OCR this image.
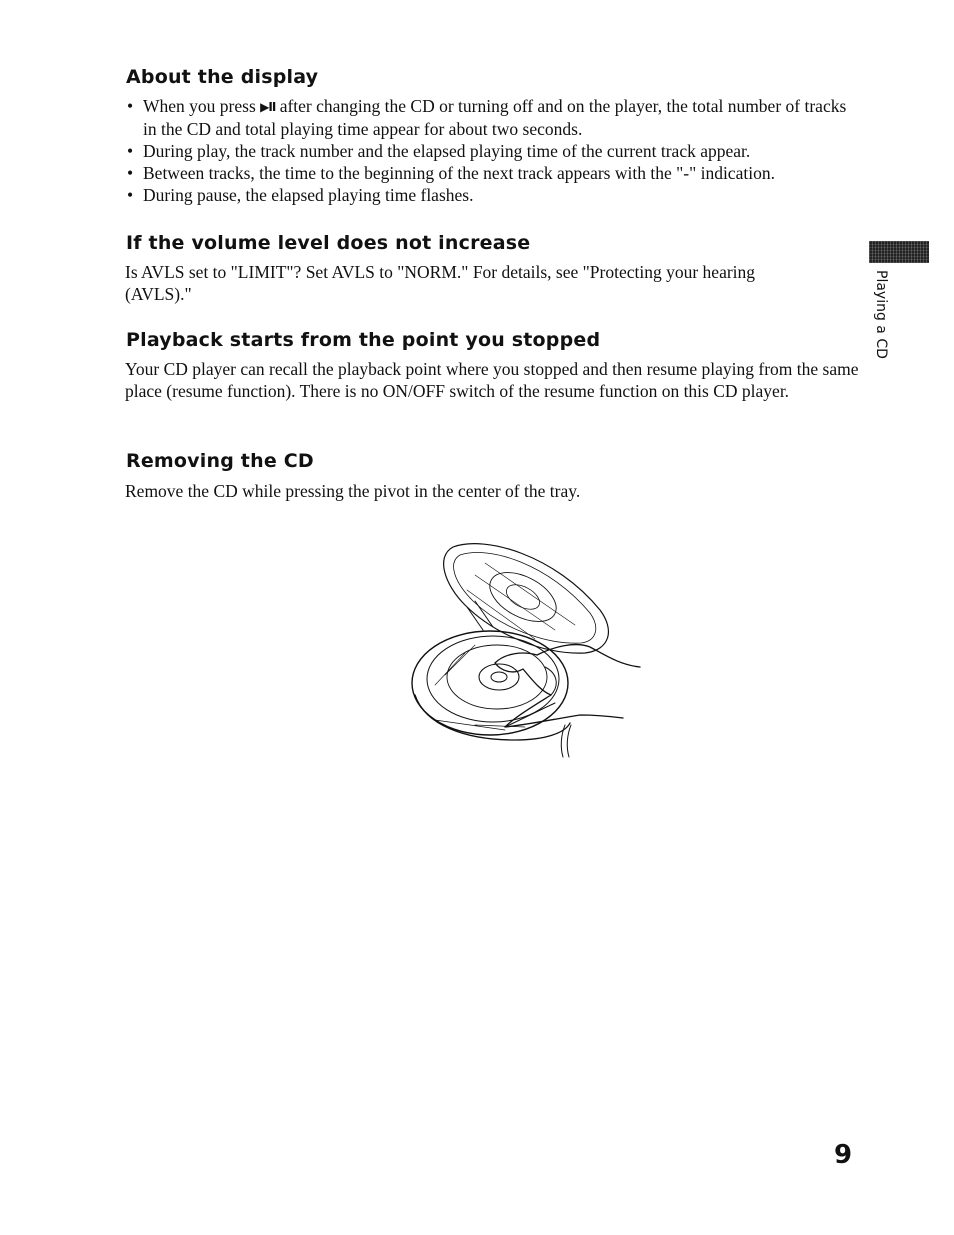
About the display
• When you press ▶II after changing the CD or turning off and on the player, the total number of tracks in the CD and total playing time appear for about two seconds.
• During play, the track number and the elapsed playing time of the current track appear.
• Between tracks, the time to the beginning of the next track appears with the "-" indication.
• During pause, the elapsed playing time flashes.
If the volume level does not increase

Is AVLS set to "LIMIT"? Set AVLS to "NORM." For details, see "Protecting your hearing (AVLS)."

Playback starts from the point you stopped

Your CD player can recall the playback point where you stopped and then resume playing from the same place (resume function). There is no ON/OFF switch of the resume function on this CD player.

Removing the CD

Remove the CD while pressing the pivot in the center of the tray.

Playing a CD
9
